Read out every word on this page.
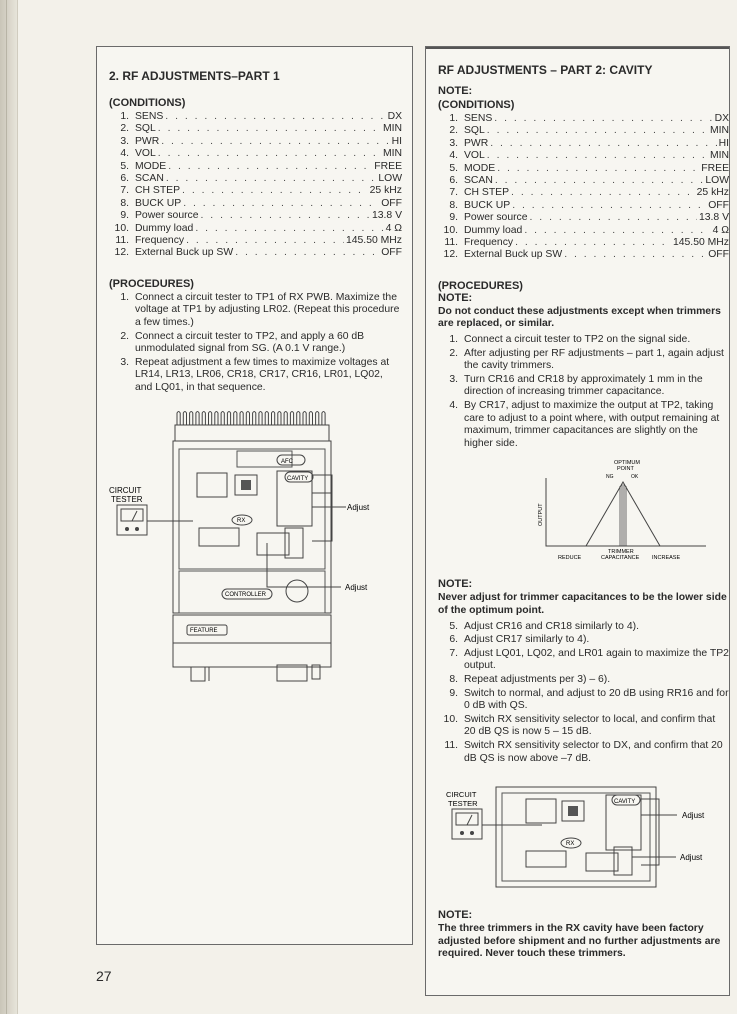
2. RF ADJUSTMENTS–PART 1
(CONDITIONS)
1. SENS . . .	DX
2. SQL . . .	MIN
3. PWR . . .	HI
4. VOL . . .	MIN
5. MODE . . .	FREE
6. SCAN . . .	LOW
7. CH STEP . . .	25 kHz
8. BUCK UP . . .	OFF
9. Power source . . .	13.8 V
10. Dummy load . . .	4 Ω
11. Frequency . . .	145.50 MHz
12. External Buck up SW . . .	OFF
(PROCEDURES)
1. Connect a circuit tester to TP1 of RX PWB. Maximize the voltage at TP1 by adjusting LR02. (Repeat this procedure a few times.)
2. Connect a circuit tester to TP2, and apply a 60 dB unmodulated signal from SG. (A 0.1 V range.)
3. Repeat adjustment a few times to maximize voltages at LR14, LR13, LR06, CR18, CR17, CR16, LR01, LQ02, and LQ01, in that sequence.
AFC
CAVITY
RX
CONTROLLER
FEATURE
CIRCUIT
TESTER
Adjust
Adjust
RF ADJUSTMENTS – PART 2: CAVITY
NOTE:
(CONDITIONS)
1. SENS . . .	DX
2. SQL . . .	MIN
3. PWR . . .	HI
4. VOL . . .	MIN
5. MODE . . .	FREE
6. SCAN . . .	LOW
7. CH STEP . . .	25 kHz
8. BUCK UP . . .	OFF
9. Power source . . .	13.8 V
10. Dummy load . . .	4 Ω
11. Frequency . . .	145.50 MHz
12. External Buck up SW . . .	OFF
(PROCEDURES)
NOTE:
Do not conduct these adjustments except when trimmers are replaced, or similar.
1. Connect a circuit tester to TP2 on the signal side.
2. After adjusting per RF adjustments – part 1, again adjust the cavity trimmers.
3. Turn CR16 and CR18 by approximately 1 mm in the direction of increasing trimmer capacitance.
4. By CR17, adjust to maximize the output at TP2, taking care to adjust to a point where, with output remaining at maximum, trimmer capacitances are slightly on the higher side.
OPTIMUM
POINT
NG	OK
OUTPUT
TRIMMER
CAPACITANCE
REDUCE	INCREASE
NOTE:
Never adjust for trimmer capacitances to be the lower side of the optimum point.
5. Adjust CR16 and CR18 similarly to 4).
6. Adjust CR17 similarly to 4).
7. Adjust LQ01, LQ02, and LR01 again to maximize the TP2 output.
8. Repeat adjustments per 3) – 6).
9. Switch to normal, and adjust to 20 dB using RR16 and for 0 dB with QS.
10. Switch RX sensitivity selector to local, and confirm that 20 dB QS is now 5 – 15 dB.
11. Switch RX sensitivity selector to DX, and confirm that 20 dB QS is now above –7 dB.
CIRCUIT
TESTER	CAVITY
RX
Adjust
Adjust
NOTE:
The three trimmers in the RX cavity have been factory adjusted before shipment and no further adjustments are required. Never touch these trimmers.
27
